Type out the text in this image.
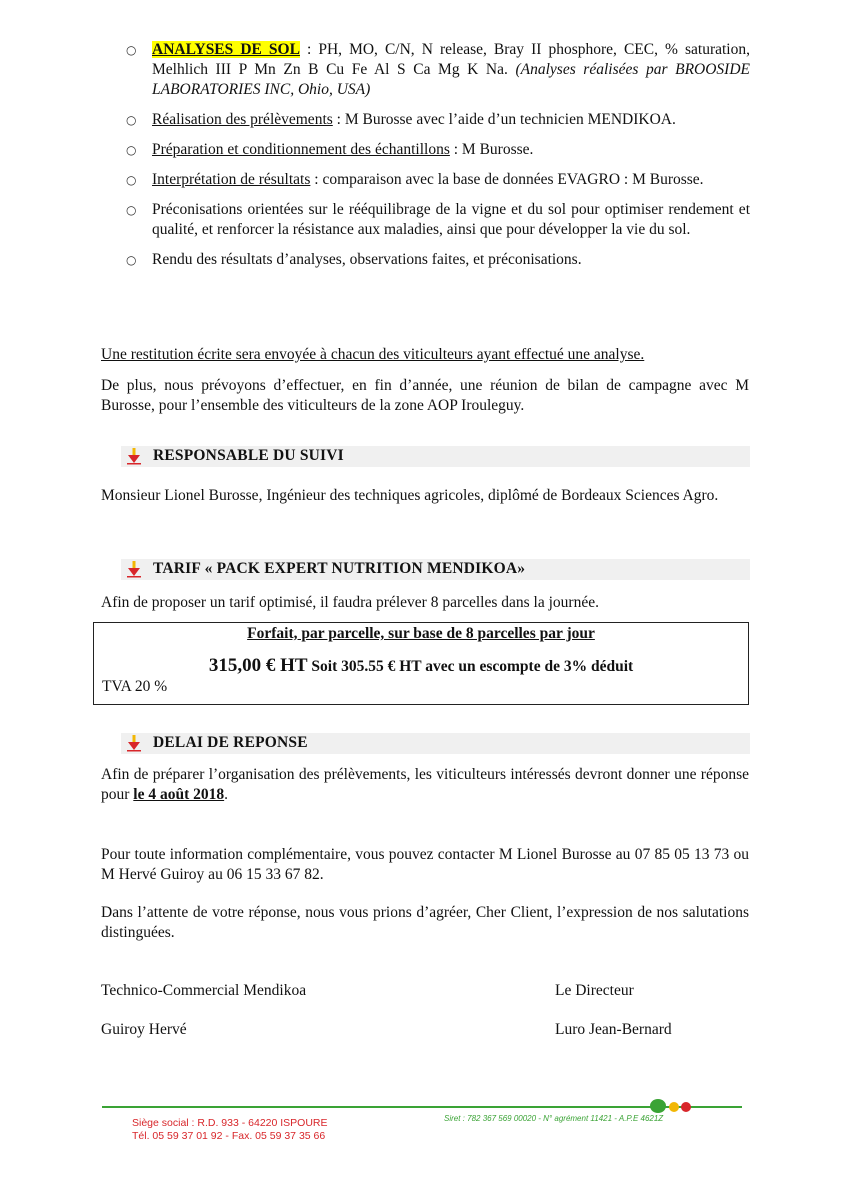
○ ANALYSES DE SOL : PH, MO, C/N, N release, Bray II phosphore, CEC, % saturation, Melhlich III P Mn Zn B Cu Fe Al S Ca Mg K Na. (Analyses réalisées par BROOSIDE LABORATORIES INC, Ohio, USA)
○ Réalisation des prélèvements : M Burosse avec l’aide d’un technicien MENDIKOA.
○ Préparation et conditionnement des échantillons : M Burosse.
○ Interprétation de résultats : comparaison avec la base de données EVAGRO : M Burosse.
○ Préconisations orientées sur le rééquilibrage de la vigne et du sol pour optimiser rendement et qualité, et renforcer la résistance aux maladies, ainsi que pour développer la vie du sol.
○ Rendu des résultats d’analyses, observations faites, et préconisations.
Une restitution écrite sera envoyée à chacun des viticulteurs ayant effectué une analyse.
De plus, nous prévoyons d’effectuer, en fin d’année, une réunion de bilan de campagne avec M Burosse, pour l’ensemble des viticulteurs de la zone AOP Irouleguy.
RESPONSABLE DU SUIVI
Monsieur Lionel Burosse, Ingénieur des techniques agricoles, diplômé de Bordeaux Sciences Agro.
TARIF « PACK EXPERT NUTRITION MENDIKOA»
Afin de proposer un tarif optimisé, il faudra prélever 8 parcelles dans la journée.
Forfait, par parcelle, sur base de 8 parcelles par jour
315,00 € HT Soit 305.55 € HT avec un escompte de 3% déduit
TVA 20 %
DELAI DE REPONSE
Afin de préparer l’organisation des prélèvements, les viticulteurs intéressés devront donner une réponse pour le 4 août 2018.
Pour toute information complémentaire, vous pouvez contacter M Lionel Burosse au 07 85 05 13 73 ou M Hervé Guiroy au 06 15 33 67 82.
Dans l’attente de votre réponse, nous vous prions d’agréer, Cher Client, l’expression de nos salutations distinguées.
Technico-Commercial Mendikoa
Guiroy Hervé
Le Directeur
Luro Jean-Bernard
Siège social : R.D. 933 - 64220 ISPOURE
Tél. 05 59 37 01 92 - Fax. 05 59 37 35 66
Siret : 782 367 569 00020 - N° agrément 11421 - A.P.E 4621Z
